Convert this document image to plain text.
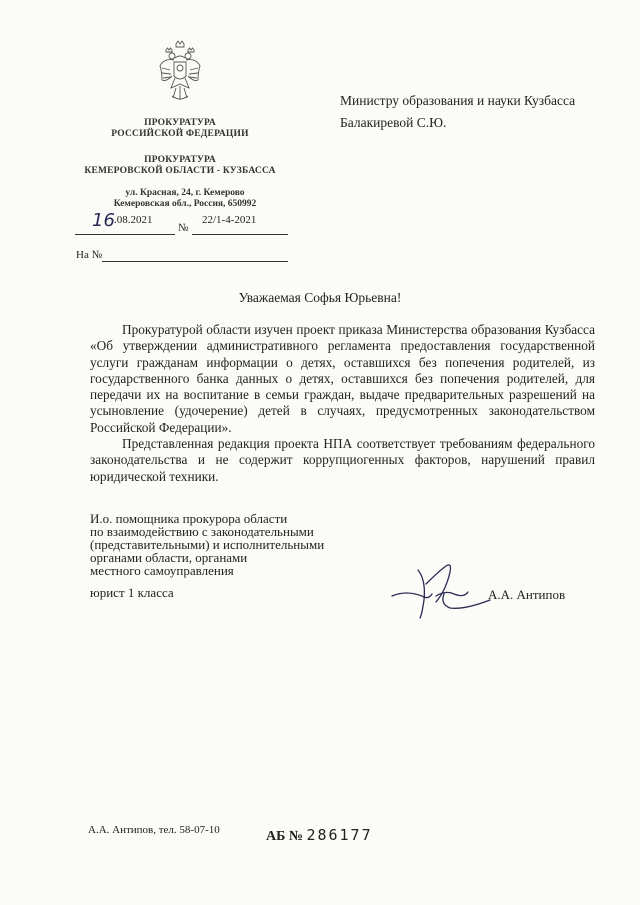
ПРОКУРАТУРА
РОССИЙСКОЙ ФЕДЕРАЦИИ
ПРОКУРАТУРА
КЕМЕРОВСКОЙ ОБЛАСТИ - КУЗБАССА
ул. Красная, 24, г. Кемерово
Кемеровская обл., Россия, 650992
16 .08.2021
№
22/1-4-2021
На №
Министру образования и науки Кузбасса
Балакиревой С.Ю.
Уважаемая Софья Юрьевна!

Прокуратурой области изучен проект приказа Министерства образования Кузбасса «Об утверждении административного регламента предоставления государственной услуги гражданам информации о детях, оставшихся без попечения родителей, из государственного банка данных о детях, оставшихся без попечения родителей, для передачи их на воспитание в семьи граждан, выдаче предварительных разрешений на усыновление (удочерение) детей в случаях, предусмотренных законодательством Российской Федерации».

Представленная редакция проекта НПА соответствует требованиям федерального законодательства и не содержит коррупциогенных факторов, нарушений правил юридической техники.

И.о. помощника прокурора области
по взаимодействию с законодательными
(представительными) и исполнительными
органами области, органами
местного самоуправления
юрист 1 класса	А.А. Антипов
А.А. Антипов, тел. 58-07-10	АБ № 286177
